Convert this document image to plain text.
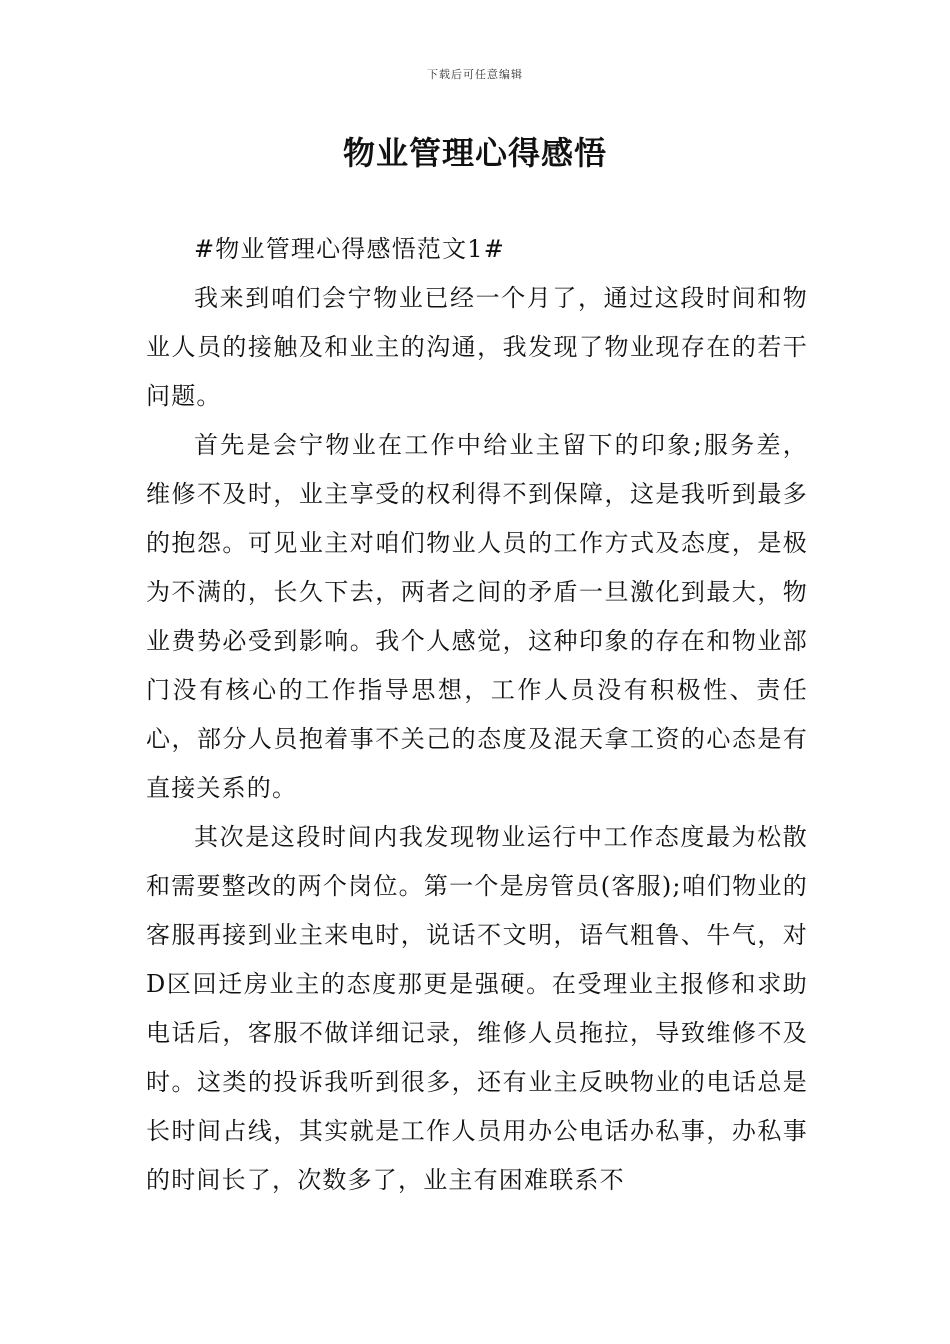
下载后可任意编辑
物业管理心得感悟

#物业管理心得感悟范文1#

我来到咱们会宁物业已经一个月了，通过这段时间和物业人员的接触及和业主的沟通，我发现了物业现存在的若干问题。

首先是会宁物业在工作中给业主留下的印象;服务差，维修不及时，业主享受的权利得不到保障，这是我听到最多的抱怨。可见业主对咱们物业人员的工作方式及态度，是极为不满的，长久下去，两者之间的矛盾一旦激化到最大，物业费势必受到影响。我个人感觉，这种印象的存在和物业部门没有核心的工作指导思想，工作人员没有积极性、责任心，部分人员抱着事不关己的态度及混天拿工资的心态是有直接关系的。

其次是这段时间内我发现物业运行中工作态度最为松散和需要整改的两个岗位。第一个是房管员(客服);咱们物业的客服再接到业主来电时，说话不文明，语气粗鲁、牛气，对D区回迁房业主的态度那更是强硬。在受理业主报修和求助电话后，客服不做详细记录，维修人员拖拉，导致维修不及时。这类的投诉我听到很多，还有业主反映物业的电话总是长时间占线，其实就是工作人员用办公电话办私事，办私事的时间长了，次数多了，业主有困难联系不
